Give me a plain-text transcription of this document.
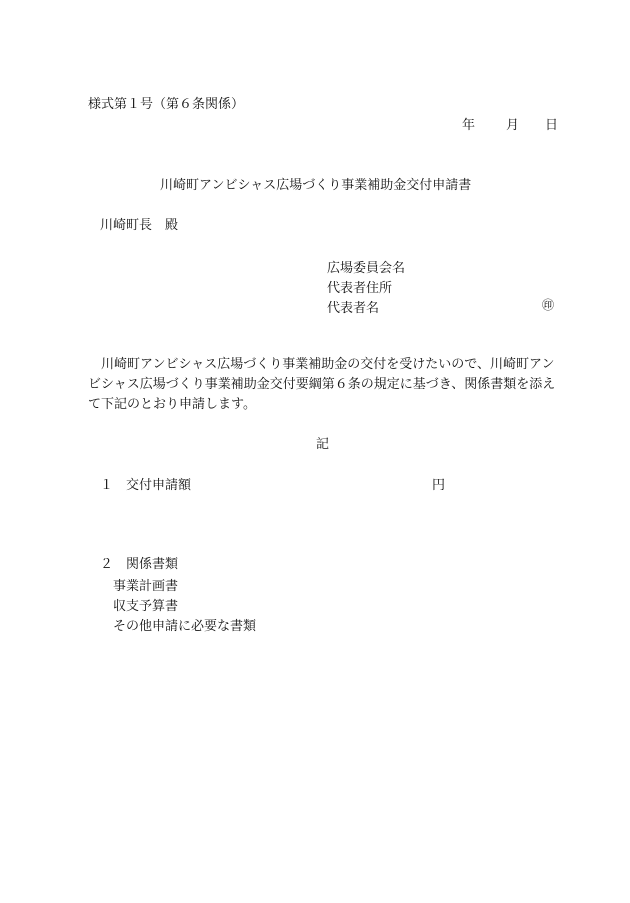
様式第１号（第６条関係）
年	月	日
川崎町アンビシャス広場づくり事業補助金交付申請書
川崎町長　殿
広場委員会名
代表者住所
代表者名	㊞
川崎町アンビシャス広場づくり事業補助金の交付を受けたいので、川崎町アンビシャス広場づくり事業補助金交付要綱第６条の規定に基づき、関係書類を添えて下記のとおり申請します。
記
１ 交付申請額	円
２ 関係書類
事業計画書
収支予算書
その他申請に必要な書類
